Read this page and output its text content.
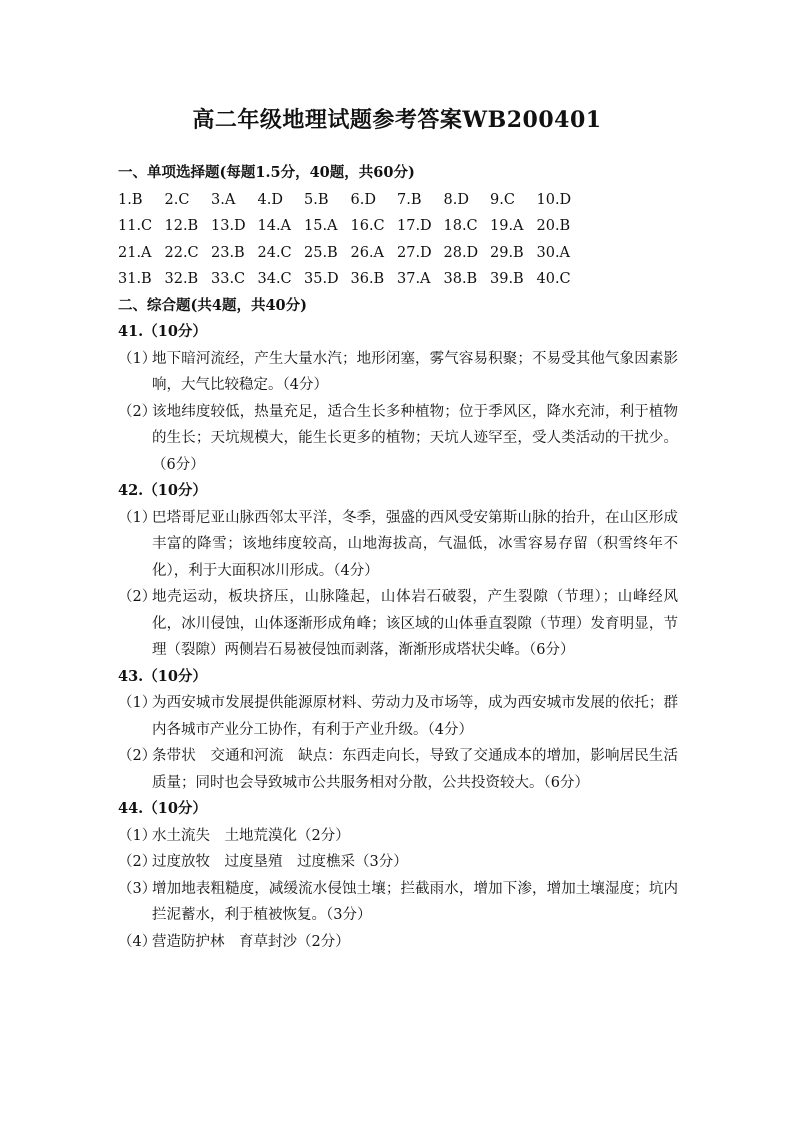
高二年级地理试题参考答案WB200401
一、单项选择题(每题1.5分，40题，共60分)
1.B	2.C	3.A	4.D	5.B	6.D	7.B	8.D	9.C	10.D
11.C 12.B 13.D 14.A 15.A 16.C 17.D 18.C 19.A 20.B
21.A 22.C 23.B 24.C 25.B 26.A 27.D 28.D 29.B 30.A
31.B 32.B 33.C 34.C 35.D 36.B 37.A 38.B 39.B 40.C
二、综合题(共4题，共40分)
41.（10分）
（1）
地下暗河流经，产生大量水汽；地形闭塞，雾气容易积聚；不易受其他气象因素影响，大气比较稳定。（4分）
（2）
该地纬度较低，热量充足，适合生长多种植物；位于季风区，降水充沛，利于植物的生长；天坑规模大，能生长更多的植物；天坑人迹罕至，受人类活动的干扰少。（6分）
42.（10分）
（1）
巴塔哥尼亚山脉西邻太平洋，冬季，强盛的西风受安第斯山脉的抬升，在山区形成丰富的降雪；该地纬度较高，山地海拔高，气温低，冰雪容易存留（积雪终年不化），利于大面积冰川形成。（4分）
（2）
地壳运动，板块挤压，山脉隆起，山体岩石破裂，产生裂隙（节理）；山峰经风化，冰川侵蚀，山体逐渐形成角峰；该区域的山体垂直裂隙（节理）发育明显，节理（裂隙）两侧岩石易被侵蚀而剥落，渐渐形成塔状尖峰。（6分）
43.（10分）
（1）
为西安城市发展提供能源原材料、劳动力及市场等，成为西安城市发展的依托；群内各城市产业分工协作，有利于产业升级。（4分）
（2）
条带状　交通和河流　缺点：东西走向长，导致了交通成本的增加，影响居民生活质量；同时也会导致城市公共服务相对分散，公共投资较大。（6分）
44.（10分）
（1）
水土流失　土地荒漠化（2分）
（2）
过度放牧　过度垦殖　过度樵采（3分）
（3）
增加地表粗糙度，减缓流水侵蚀土壤；拦截雨水，增加下渗，增加土壤湿度；坑内拦泥蓄水，利于植被恢复。（3分）
（4）
营造防护林　育草封沙（2分）
